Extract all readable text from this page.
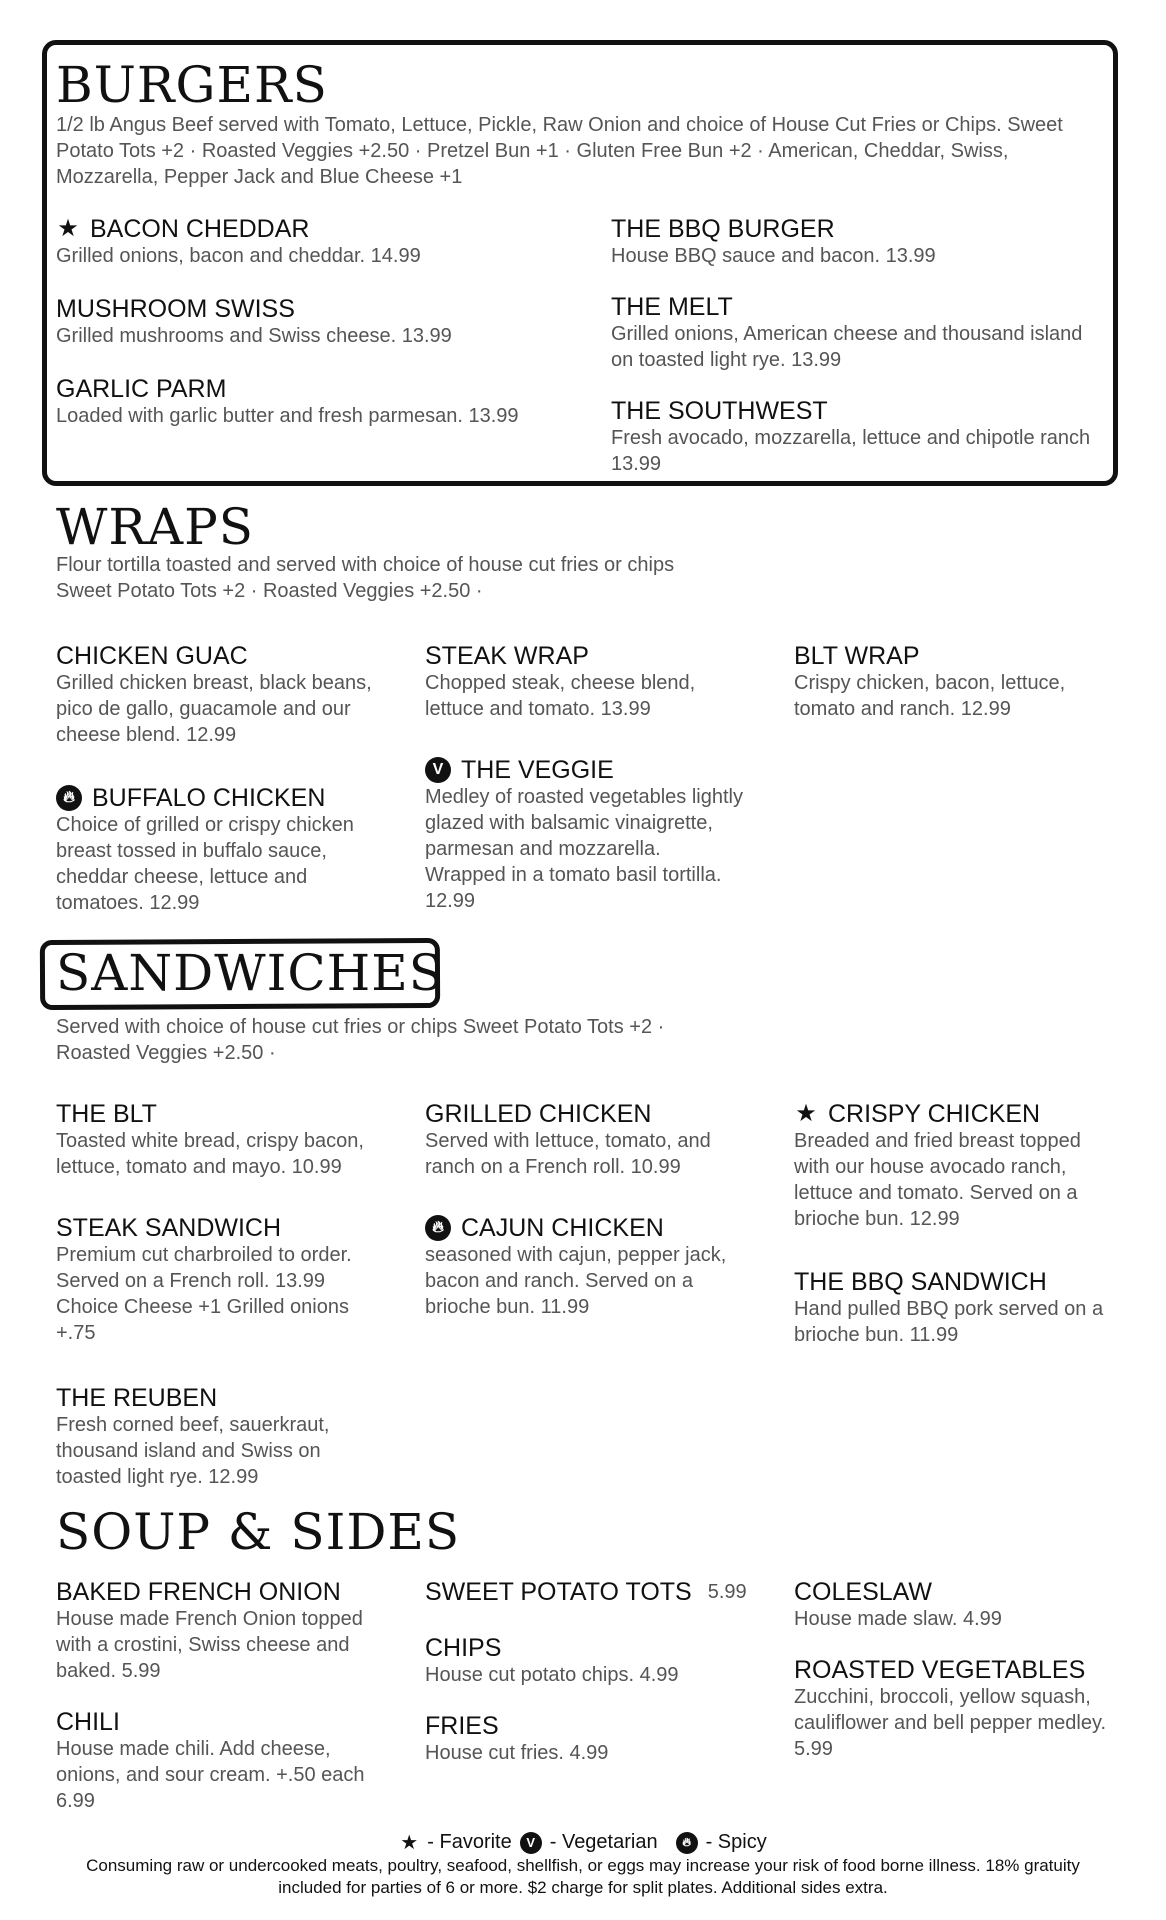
BURGERS
1/2 lb Angus Beef served with Tomato, Lettuce, Pickle, Raw Onion and choice of House Cut Fries or Chips. Sweet Potato Tots +2 · Roasted Veggies +2.50 · Pretzel Bun +1 · Gluten Free Bun +2 · American, Cheddar, Swiss, Mozzarella, Pepper Jack and Blue Cheese +1
★ BACON CHEDDAR
Grilled onions, bacon and cheddar. 14.99
MUSHROOM SWISS
Grilled mushrooms and Swiss cheese. 13.99
GARLIC PARM
Loaded with garlic butter and fresh parmesan. 13.99
THE BBQ BURGER
House BBQ sauce and bacon. 13.99
THE MELT
Grilled onions, American cheese and thousand island on toasted light rye. 13.99
THE SOUTHWEST
Fresh avocado, mozzarella, lettuce and chipotle ranch 13.99
WRAPS
Flour tortilla toasted and served with choice of house cut fries or chips Sweet Potato Tots +2 · Roasted Veggies +2.50 ·
CHICKEN GUAC
Grilled chicken breast, black beans, pico de gallo, guacamole and our cheese blend. 12.99
🔥︎ BUFFALO CHICKEN
Choice of grilled or crispy chicken breast tossed in buffalo sauce, cheddar cheese, lettuce and tomatoes. 12.99
STEAK WRAP
Chopped steak, cheese blend, lettuce and tomato. 13.99
V THE VEGGIE
Medley of roasted vegetables lightly glazed with balsamic vinaigrette, parmesan and mozzarella. Wrapped in a tomato basil tortilla. 12.99
BLT WRAP
Crispy chicken, bacon, lettuce, tomato and ranch. 12.99
SANDWICHES
Served with choice of house cut fries or chips Sweet Potato Tots +2 · Roasted Veggies +2.50 ·
THE BLT
Toasted white bread, crispy bacon, lettuce, tomato and mayo. 10.99
STEAK SANDWICH
Premium cut charbroiled to order. Served on a French roll. 13.99 Choice Cheese +1 Grilled onions +.75
THE REUBEN
Fresh corned beef, sauerkraut, thousand island and Swiss on toasted light rye. 12.99
GRILLED CHICKEN
Served with lettuce, tomato, and ranch on a French roll. 10.99
🔥︎ CAJUN CHICKEN
seasoned with cajun, pepper jack, bacon and ranch. Served on a brioche bun. 11.99
★ CRISPY CHICKEN
Breaded and fried breast topped with our house avocado ranch, lettuce and tomato. Served on a brioche bun. 12.99
THE BBQ SANDWICH
Hand pulled BBQ pork served on a brioche bun. 11.99
SOUP & SIDES
BAKED FRENCH ONION
House made French Onion topped with a crostini, Swiss cheese and baked. 5.99
CHILI
House made chili. Add cheese, onions, and sour cream. +.50 each 6.99
SWEET POTATO TOTS 5.99
CHIPS
House cut potato chips. 4.99
FRIES
House cut fries. 4.99
COLESLAW
House made slaw. 4.99
ROASTED VEGETABLES
Zucchini, broccoli, yellow squash, cauliflower and bell pepper medley. 5.99
★ - Favorite	V - Vegetarian	🔥︎ - Spicy
Consuming raw or undercooked meats, poultry, seafood, shellfish, or eggs may increase your risk of food borne illness. 18% gratuity
included for parties of 6 or more. $2 charge for split plates. Additional sides extra.
